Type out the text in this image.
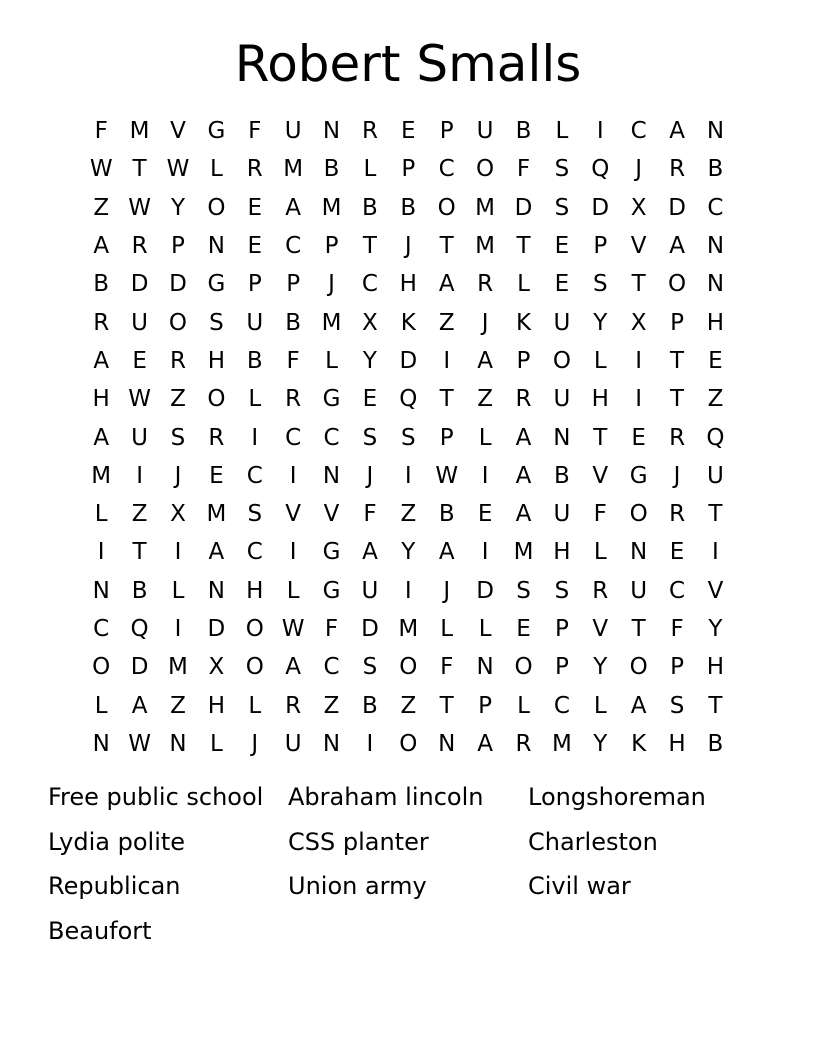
Robert Smalls
F M V G F	U N R	E	P	U B	L	I	C A N
W T W L	R M B	L	P	C O F	S Q	J	R B
Z W Y O E	A M B B O M D S D X D C
A R	P N E	C	P	T	J	T M T	E	P	V A N
B D D G P	P	J	C H A R	L	E	S	T O N
R U O S U B M X K Z	J	K U Y	X	P H
A	E	R H B	F	L	Y D	I	A	P O L	I	T	E
H W Z O L	R G E Q T	Z R U H	I	T	Z
A U S	R	I	C C	S	S	P	L	A N T	E	R Q
M	I	J	E	C	I	N	J	I	W	I	A B V G	J	U
L	Z X M S	V V	F	Z B	E	A U	F O R	T
I	T	I	A C	I	G A	Y	A	I	M H	L	N E	I
N B	L	N H	L	G U	I	J	D S	S	R U C V
C Q	I	D O W F D M L	L	E	P	V	T	F	Y
O D M X O A C	S O F	N O P	Y O P H
L	A Z H	L	R Z B Z	T	P	L	C	L	A	S	T
N W N	L	J	U N	I	O N A R M Y	K H B
Free public school	Abraham lincoln	Longshoreman
Lydia polite	CSS planter	Charleston
Republican	Union army	Civil war
Beaufort
